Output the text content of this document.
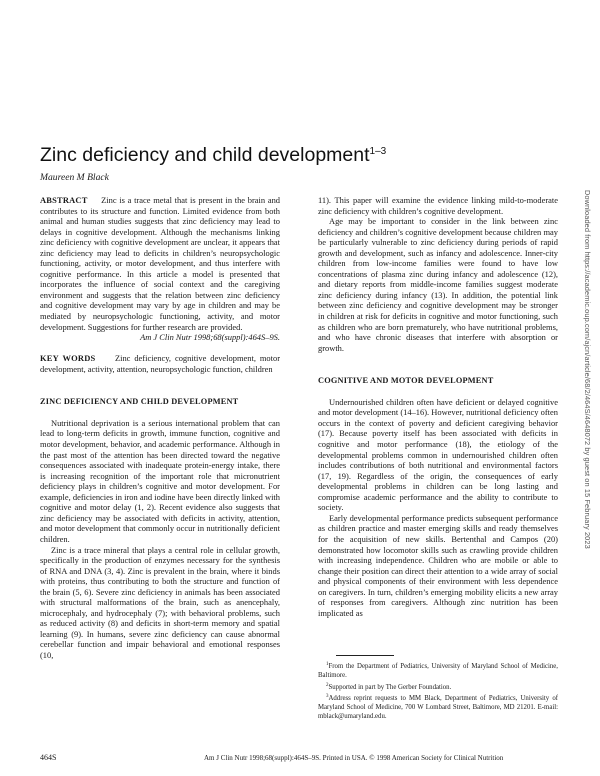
Zinc deficiency and child development$^{1-3}$
Maureen M Black

ABSTRACT Zinc is a trace metal that is present in the brain and contributes to its structure and function. Limited evidence from both animal and human studies suggests that zinc deficiency may lead to delays in cognitive development. Although the mechanisms linking zinc deficiency with cognitive development are unclear, it appears that zinc deficiency may lead to deficits in children’s neuropsychologic functioning, activity, or motor development, and thus interfere with cognitive performance. In this article a model is presented that incorporates the influence of social context and the caregiving environment and suggests that the relation between zinc deficiency and cognitive development may vary by age in children and may be mediated by neuropsychologic functioning, activity, and motor development. Suggestions for further research are provided.
Am J Clin Nutr 1998;68(suppl):464S–9S.

KEY WORDS Zinc deficiency, cognitive development, motor development, activity, attention, neuropsychologic function, children

ZINC DEFICIENCY AND CHILD DEVELOPMENT

Nutritional deprivation is a serious international problem that can lead to long-term deficits in growth, immune function, cognitive and motor development, behavior, and academic performance. Although in the past most of the attention has been directed toward the negative consequences associated with inadequate protein-energy intake, there is increasing recognition of the important role that micronutrient deficiency plays in children’s cognitive and motor development. For example, deficiencies in iron and iodine have been directly linked with cognitive and motor delay (1, 2). Recent evidence also suggests that zinc deficiency may be associated with deficits in activity, attention, and motor development that commonly occur in nutritionally deficient children.

Zinc is a trace mineral that plays a central role in cellular growth, specifically in the production of enzymes necessary for the synthesis of RNA and DNA (3, 4). Zinc is prevalent in the brain, where it binds with proteins, thus contributing to both the structure and function of the brain (5, 6). Severe zinc deficiency in animals has been associated with structural malformations of the brain, such as anencephaly, microcephaly, and hydrocephaly (7); with behavioral problems, such as reduced activity (8) and deficits in short-term memory and spatial learning (9). In humans, severe zinc deficiency can cause abnormal cerebellar function and impair behavioral and emotional responses (10,

11). This paper will examine the evidence linking mild-to-moderate zinc deficiency with children’s cognitive development.

Age may be important to consider in the link between zinc deficiency and children’s cognitive development because children may be particularly vulnerable to zinc deficiency during periods of rapid growth and development, such as infancy and adolescence. Inner-city children from low-income families were found to have low concentrations of plasma zinc during infancy and adolescence (12), and dietary reports from middle-income families suggest moderate zinc deficiency during infancy (13). In addition, the potential link between zinc deficiency and cognitive development may be stronger in children at risk for deficits in cognitive and motor functioning, such as children who are born prematurely, who have nutritional problems, and who have chronic diseases that interfere with absorption or growth.

COGNITIVE AND MOTOR DEVELOPMENT

Undernourished children often have deficient or delayed cognitive and motor development (14–16). However, nutritional deficiency often occurs in the context of poverty and deficient caregiving behavior (17). Because poverty itself has been associated with deficits in cognitive and motor performance (18), the etiology of the developmental problems common in undernourished children often includes contributions of both nutritional and environmental factors (17, 19). Regardless of the origin, the consequences of early developmental problems in children can be long lasting and compromise academic performance and the ability to contribute to society.

Early developmental performance predicts subsequent performance as children practice and master emerging skills and ready themselves for the acquisition of new skills. Bertenthal and Campos (20) demonstrated how locomotor skills such as crawling provide children with increasing independence. Children who are mobile or able to change their position can direct their attention to a wide array of social and physical components of their environment with less dependence on caregivers. In turn, children’s emerging mobility elicits a new array of responses from caregivers. Although zinc nutrition has been implicated as

$^1$From the Department of Pediatrics, University of Maryland School of Medicine, Baltimore.

$^2$Supported in part by The Gerber Foundation.

$^3$Address reprint requests to MM Black, Department of Pediatrics, University of Maryland School of Medicine, 700 W Lombard Street, Baltimore, MD 21201. E-mail: mblack@umaryland.edu.

464S	Am J Clin Nutr 1998;68(suppl):464S–9S. Printed in USA. © 1998 American Society for Clinical Nutrition
Downloaded from https://academic.oup.com/ajcn/article/68/2/464S/4648072 by guest on 15 February 2023
